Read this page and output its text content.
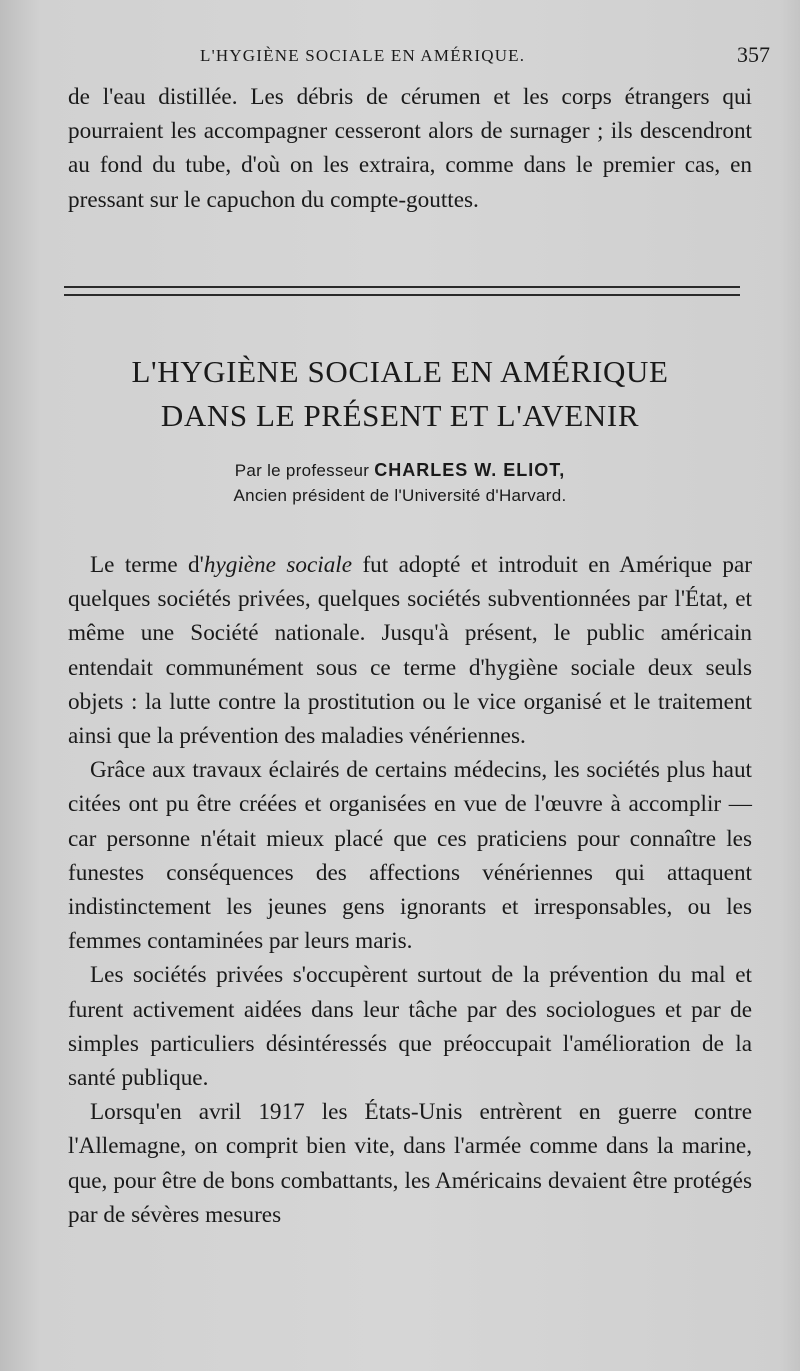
L'HYGIÈNE SOCIALE EN AMÉRIQUE.	357

de l'eau distillée. Les débris de cérumen et les corps étrangers qui pourraient les accompagner cesseront alors de surnager ; ils descendront au fond du tube, d'où on les extraira, comme dans le premier cas, en pressant sur le capuchon du compte-gouttes.

L'HYGIÈNE SOCIALE EN AMÉRIQUE
DANS LE PRÉSENT ET L'AVENIR
Par le professeur CHARLES W. ELIOT,
Ancien président de l'Université d'Harvard.

Le terme d'hygiène sociale fut adopté et introduit en Amérique par quelques sociétés privées, quelques sociétés subventionnées par l'État, et même une Société nationale. Jusqu'à présent, le public américain entendait communément sous ce terme d'hygiène sociale deux seuls objets : la lutte contre la prostitution ou le vice organisé et le traitement ainsi que la prévention des maladies vénériennes.

Grâce aux travaux éclairés de certains médecins, les sociétés plus haut citées ont pu être créées et organisées en vue de l'œuvre à accomplir — car personne n'était mieux placé que ces praticiens pour connaître les funestes conséquences des affections vénériennes qui attaquent indistinctement les jeunes gens ignorants et irresponsables, ou les femmes contaminées par leurs maris.

Les sociétés privées s'occupèrent surtout de la prévention du mal et furent activement aidées dans leur tâche par des sociologues et par de simples particuliers désintéressés que préoccupait l'amélioration de la santé publique.

Lorsqu'en avril 1917 les États-Unis entrèrent en guerre contre l'Allemagne, on comprit bien vite, dans l'armée comme dans la marine, que, pour être de bons combattants, les Américains devaient être protégés par de sévères mesures
